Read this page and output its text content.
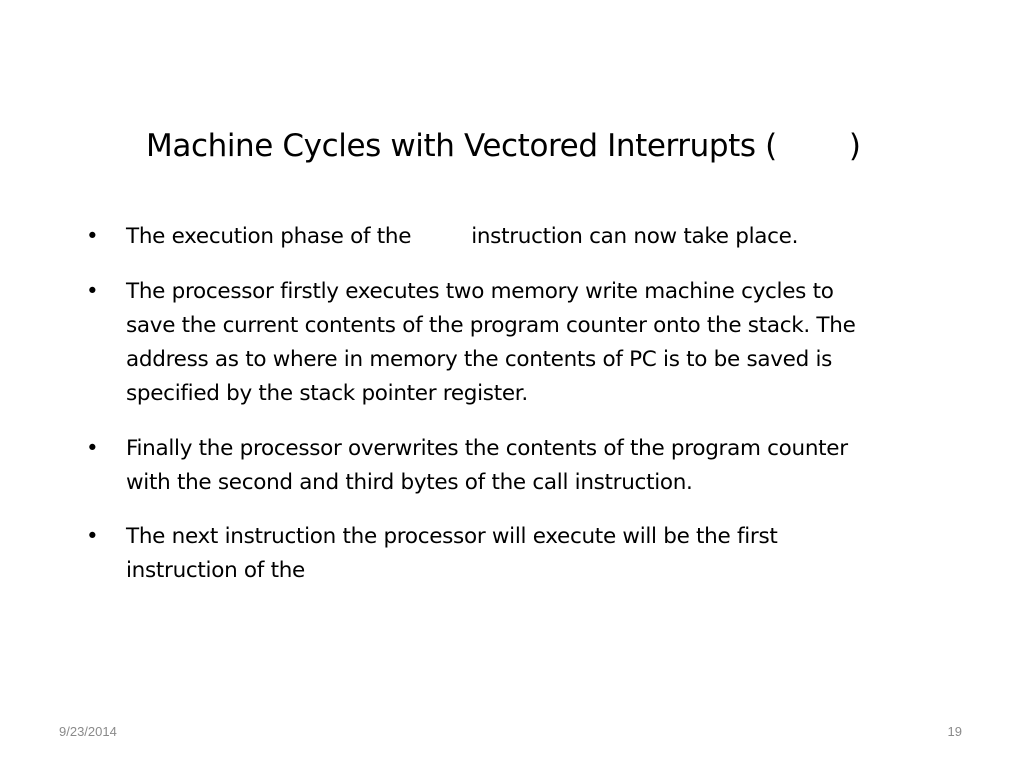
Machine Cycles with Vectored Interrupts ( )
• The execution phase of the	instruction can now take place.
• The processor firstly executes two memory write machine cycles to
save the current contents of the program counter onto the stack. The
address as to where in memory the contents of PC is to be saved is
specified by the stack pointer register.
• Finally the processor overwrites the contents of the program counter
with the second and third bytes of the call instruction.
• The next instruction the processor will execute will be the first
instruction of the
9/23/2014	19
